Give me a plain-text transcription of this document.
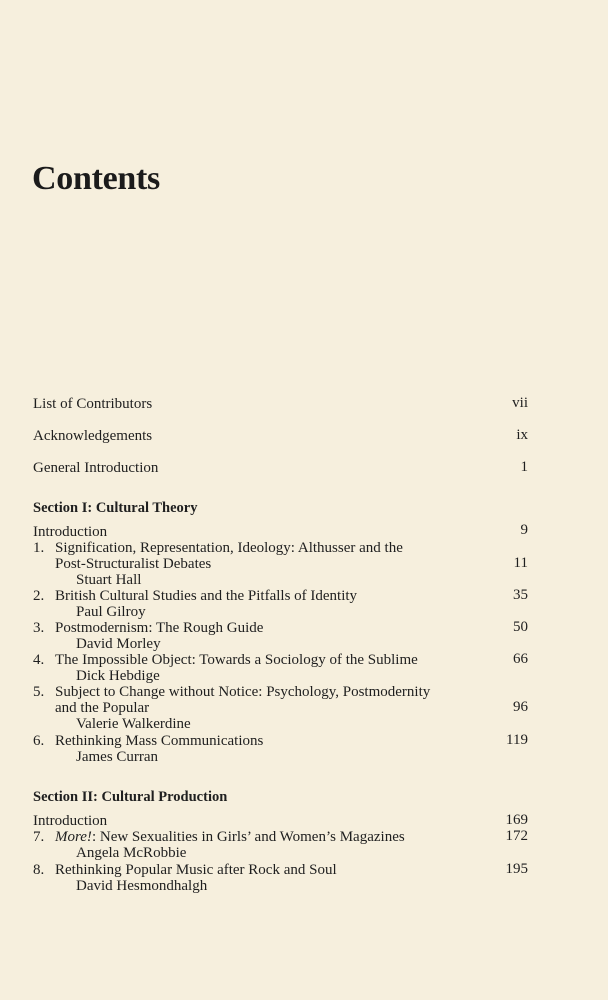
Contents
List of Contributors	vii
Acknowledgements	ix
General Introduction	1
Section I: Cultural Theory
Introduction	9
1. Signification, Representation, Ideology: Althusser and the
Post-Structuralist Debates	11
Stuart Hall
2. British Cultural Studies and the Pitfalls of Identity	35
Paul Gilroy
3. Postmodernism: The Rough Guide	50
David Morley
4. The Impossible Object: Towards a Sociology of the Sublime	66
Dick Hebdige
5. Subject to Change without Notice: Psychology, Postmodernity
and the Popular	96
Valerie Walkerdine
6. Rethinking Mass Communications	119
James Curran
Section II: Cultural Production
Introduction	169
7. More!: New Sexualities in Girls’ and Women’s Magazines	172
Angela McRobbie
8. Rethinking Popular Music after Rock and Soul	195
David Hesmondhalgh
